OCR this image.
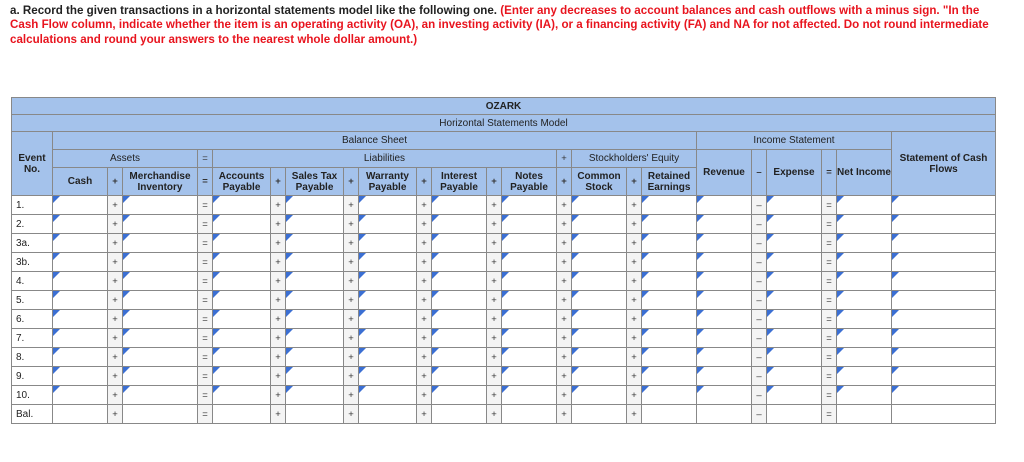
a. Record the given transactions in a horizontal statements model like the following one. (Enter any decreases to account balances and cash outflows with a minus sign. "In the Cash Flow column, indicate whether the item is an operating activity (OA), an investing activity (IA), or a financing activity (FA) and NA for not affected. Do not round intermediate calculations and round your answers to the nearest whole dollar amount.)
OZARK																							
Horizontal Statements Model																							
Event No.	Balance Sheet																	Income Statement					Statement of Cash Flows
	Assets			=	Liabilities									+	Stockholders' Equity			Revenue	–	Expense	=	Net Income	
	Cash	+	Merchandise Inventory	=	Accounts Payable	+	Sales Tax Payable	+	Warranty Payable	+	Interest Payable	+	Notes Payable	+	Common Stock	+	Retained Earnings						

1.		+		=		+		+		+		+		+		+			–		=	

2.		+		=		+		+		+		+		+		+			–		=	

3a.		+		=		+		+		+		+		+		+			–		=	

3b.		+		=		+		+		+		+		+		+			–		=	

4.		+		=		+		+		+		+		+		+			–		=	

5.		+		=		+		+		+		+		+		+			–		=	

6.		+		=		+		+		+		+		+		+			–		=	

7.		+		=		+		+		+		+		+		+			–		=	

8.		+		=		+		+		+		+		+		+			–		=	

9.		+		=		+		+		+		+		+		+			–		=	

10.		+		=		+		+		+		+		+		+			–		=	

Bal.		+		=		+		+		+		+		+		+			–		=		
